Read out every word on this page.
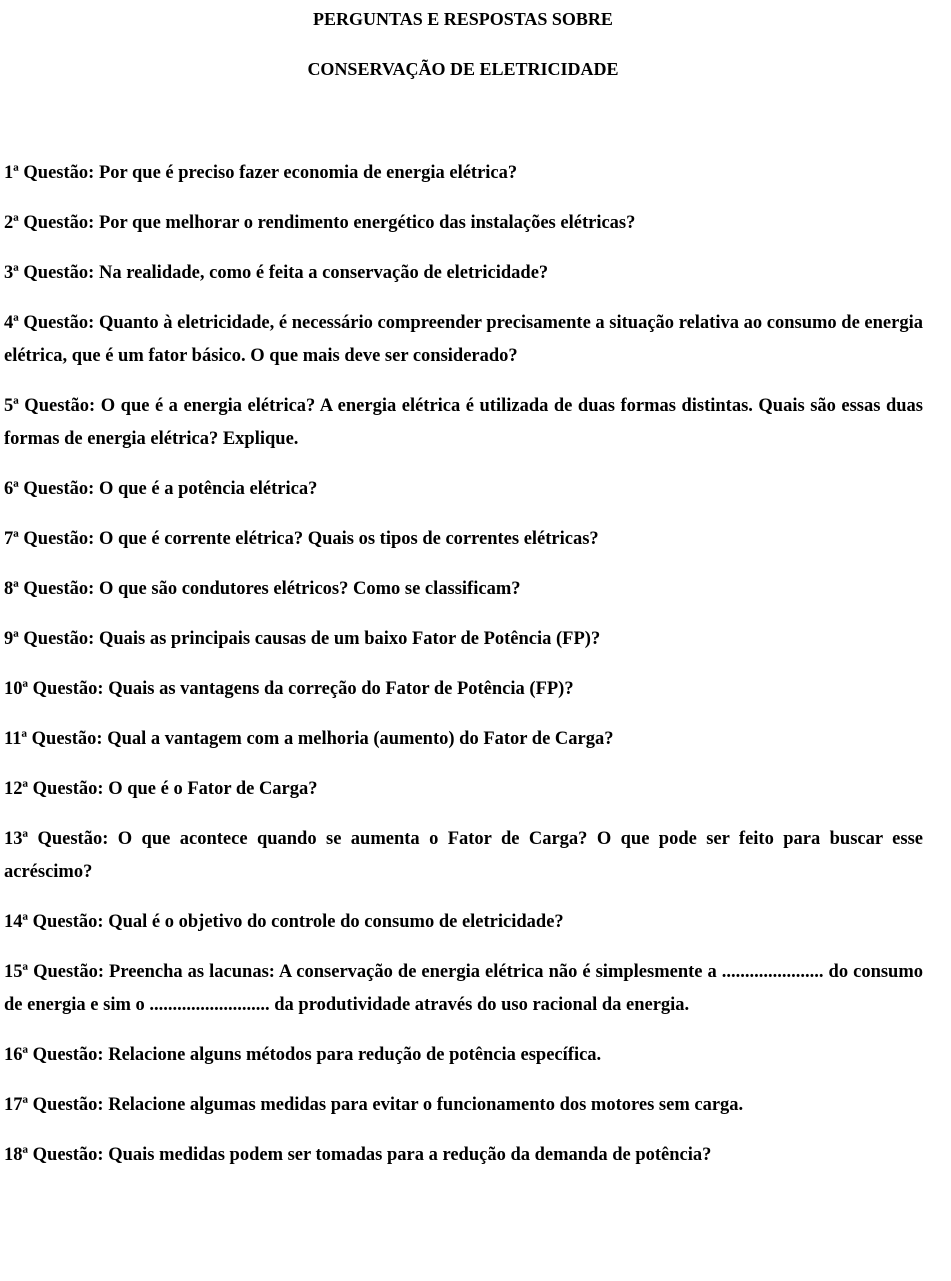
PERGUNTAS E RESPOSTAS SOBRE

CONSERVAÇÃO DE ELETRICIDADE

1ª Questão: Por que é preciso fazer economia de energia elétrica?

2ª Questão: Por que melhorar o rendimento energético das instalações elétricas?

3ª Questão: Na realidade, como é feita a conservação de eletricidade?

4ª Questão: Quanto à eletricidade, é necessário compreender precisamente a situação relativa ao consumo de energia elétrica, que é um fator básico. O que mais deve ser considerado?

5ª Questão: O que é a energia elétrica? A energia elétrica é utilizada de duas formas distintas. Quais são essas duas formas de energia elétrica? Explique.

6ª Questão: O que é a potência elétrica?

7ª Questão: O que é corrente elétrica? Quais os tipos de correntes elétricas?

8ª Questão: O que são condutores elétricos? Como se classificam?

9ª Questão: Quais as principais causas de um baixo Fator de Potência (FP)?

10ª Questão: Quais as vantagens da correção do Fator de Potência (FP)?

11ª Questão: Qual a vantagem com a melhoria (aumento) do Fator de Carga?

12ª Questão: O que é o Fator de Carga?

13ª Questão: O que acontece quando se aumenta o Fator de Carga? O que pode ser feito para buscar esse acréscimo?

14ª Questão: Qual é o objetivo do controle do consumo de eletricidade?

15ª Questão: Preencha as lacunas: A conservação de energia elétrica não é simplesmente a ...................... do consumo de energia e sim o .......................... da produtividade através do uso racional da energia.

16ª Questão: Relacione alguns métodos para redução de potência específica.

17ª Questão: Relacione algumas medidas para evitar o funcionamento dos motores sem carga.

18ª Questão: Quais medidas podem ser tomadas para a redução da demanda de potência?
